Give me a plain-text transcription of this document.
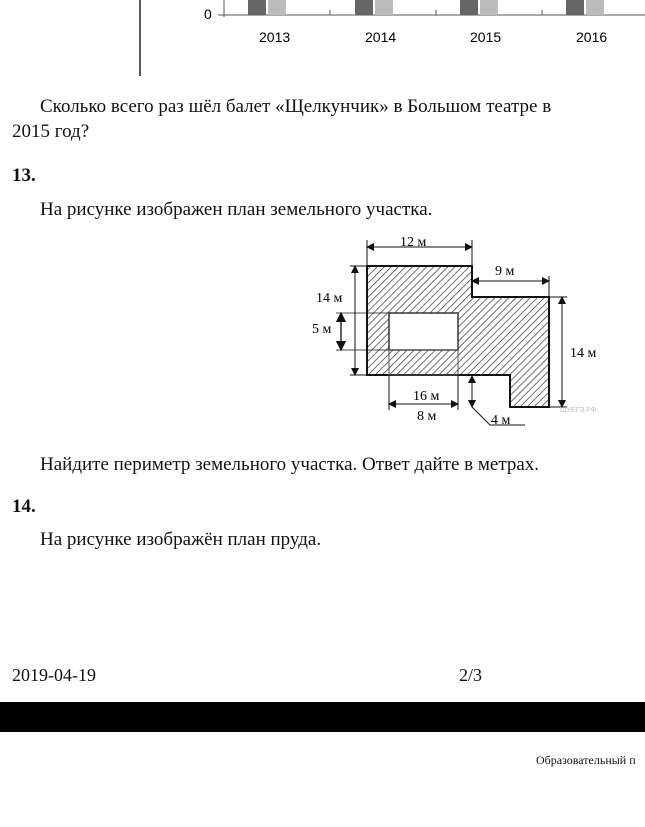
0
2013	2014	2015	2016
Сколько всего раз шёл балет «Щелкунчик» в Большом театре в
2015 год?
13.
На рисунке изображен план земельного участка.
12 м
9 м
14 м
5 м
14 м
16 м
8 м	4 м
ШУЕГЭ.РФ
Найдите периметр земельного участка. Ответ дайте в метрах.
14.
На рисунке изображён план пруда.
2019-04-19	2/3
Образовательный п
